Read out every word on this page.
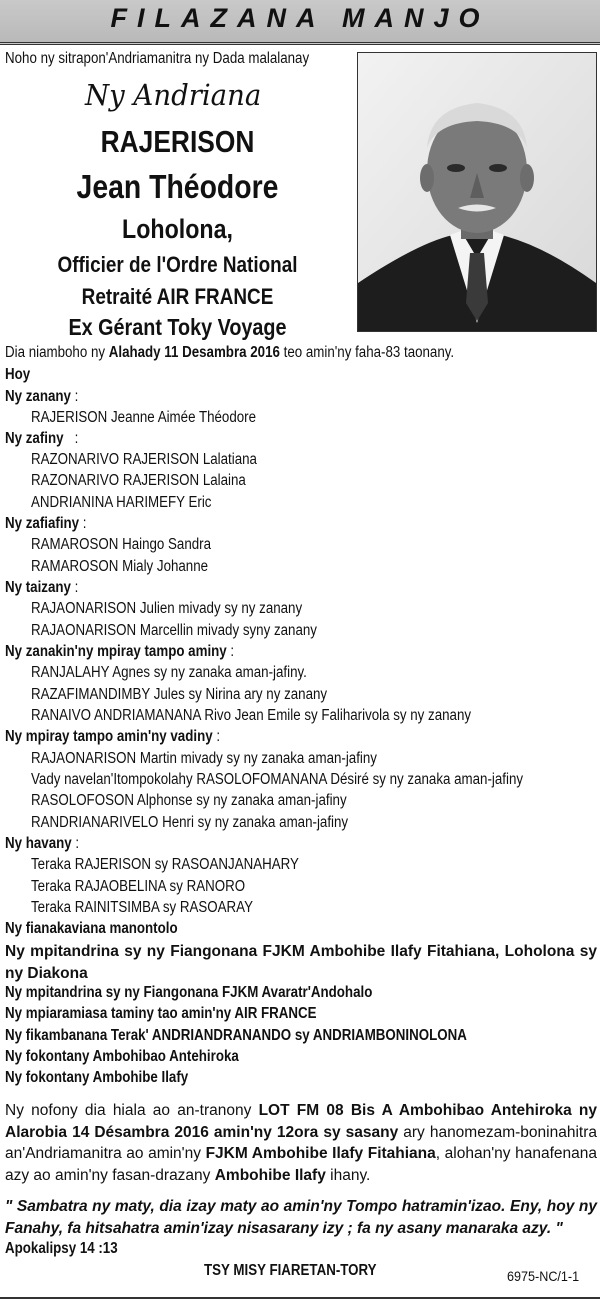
FILAZANA MANJO
Noho ny sitrapon'Andriamanitra ny Dada malalanay
Ny Andriana
RAJERISON
Jean Théodore
Loholona,
Officier de l'Ordre National
Retraité AIR FRANCE
Ex Gérant Toky Voyage
Dia niamboho ny Alahady 11 Desambra 2016 teo amin'ny faha-83 taonany.
Hoy
Ny zanany :
RAJERISON Jeanne Aimée Théodore
Ny zafiny   :
RAZONARIVO RAJERISON Lalatiana
RAZONARIVO RAJERISON Lalaina
ANDRIANINA HARIMEFY Eric
Ny zafiafiny :
RAMAROSON Haingo Sandra
RAMAROSON Mialy Johanne
Ny taizany :
RAJAONARISON Julien mivady sy ny zanany
RAJAONARISON Marcellin mivady syny zanany
Ny zanakin'ny mpiray tampo aminy :
RANJALAHY Agnes sy ny zanaka aman-jafiny.
RAZAFIMANDIMBY Jules sy Nirina ary ny zanany
RANAIVO ANDRIAMANANA Rivo Jean Emile sy Faliharivola sy ny zanany
Ny mpiray tampo amin'ny vadiny :
RAJAONARISON Martin mivady sy ny zanaka aman-jafiny
Vady navelan'Itompokolahy RASOLOFOMANANA Désiré sy ny zanaka aman-jafiny
RASOLOFOSON Alphonse sy ny zanaka aman-jafiny
RANDRIANARIVELO Henri sy ny zanaka aman-jafiny
Ny havany :
Teraka RAJERISON sy RASOANJANAHARY
Teraka RAJAOBELINA sy RANORO
Teraka RAINITSIMBA sy RASOARAY
Ny fianakaviana manontolo
Ny mpitandrina sy ny Fiangonana FJKM Ambohibe Ilafy Fitahiana, Loholona sy ny Diakona
Ny mpitandrina sy ny Fiangonana FJKM Avaratr'Andohalo
Ny mpiaramiasa taminy tao amin'ny AIR FRANCE
Ny fikambanana Terak' ANDRIANDRANANDO sy ANDRIAMBONINOLONA
Ny fokontany Ambohibao Antehiroka
Ny fokontany Ambohibe Ilafy
Ny nofony dia hiala ao an-tranony LOT FM 08 Bis A Ambohibao Antehiroka ny Alarobia 14 Désambra 2016 amin'ny 12ora sy sasany ary hanomezam-boninahitra an'Andriamanitra ao amin'ny FJKM Ambohibe Ilafy Fitahiana, alohan'ny hanafenana azy ao amin'ny fasan-drazany Ambohibe Ilafy ihany.
" Sambatra ny maty, dia izay maty ao amin'ny Tompo hatramin'izao. Eny, hoy ny Fanahy, fa hitsahatra amin'izay nisasarany izy ; fa ny asany manaraka azy. "
Apokalipsy 14 :13
TSY MISY FIARETAN-TORY	6975-NC/1-1
